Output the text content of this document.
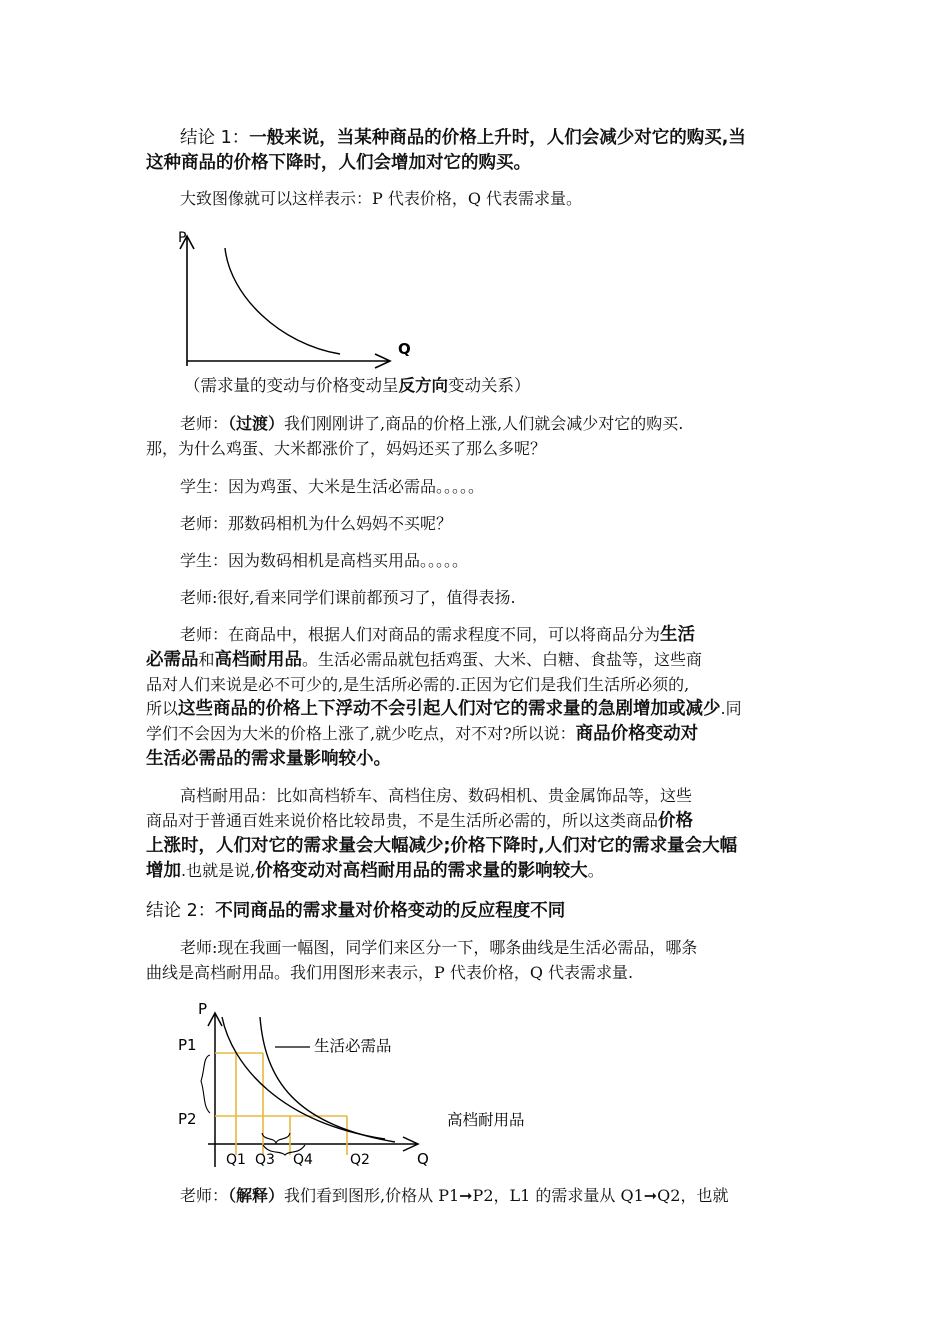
结论 1：一般来说，当某种商品的价格上升时，人们会减少对它的购买,当
这种商品的价格下降时，人们会增加对它的购买。
大致图像就可以这样表示：P 代表价格，Q 代表需求量。
P
Q
（需求量的变动与价格变动呈反方向变动关系）
老师：（过渡）我们刚刚讲了,商品的价格上涨,人们就会减少对它的购买.
那，为什么鸡蛋、大米都涨价了，妈妈还买了那么多呢？
学生：因为鸡蛋、大米是生活必需品。。。。。
老师：那数码相机为什么妈妈不买呢？
学生：因为数码相机是高档买用品。。。。。
老师:很好,看来同学们课前都预习了，值得表扬.
老师：在商品中，根据人们对商品的需求程度不同，可以将商品分为生活
必需品和高档耐用品。生活必需品就包括鸡蛋、大米、白糖、食盐等，这些商
品对人们来说是必不可少的,是生活所必需的.正因为它们是我们生活所必须的,
所以这些商品的价格上下浮动不会引起人们对它的需求量的急剧增加或减少.同
学们不会因为大米的价格上涨了,就少吃点，对不对?所以说：商品价格变动对
生活必需品的需求量影响较小。
高档耐用品：比如高档轿车、高档住房、数码相机、贵金属饰品等，这些
商品对于普通百姓来说价格比较昂贵，不是生活所必需的，所以这类商品价格
上涨时，人们对它的需求量会大幅减少;价格下降时,人们对它的需求量会大幅
增加.也就是说,价格变动对高档耐用品的需求量的影响较大。
结论 2：不同商品的需求量对价格变动的反应程度不同
老师:现在我画一幅图，同学们来区分一下，哪条曲线是生活必需品，哪条
曲线是高档耐用品。我们用图形来表示，P 代表价格，Q 代表需求量.
P
P1
P2
Q1 Q3 Q4	Q2	Q
生活必需品
高档耐用品
老师：（解释）我们看到图形,价格从 P1➞P2，L1 的需求量从 Q1➞Q2，也就
